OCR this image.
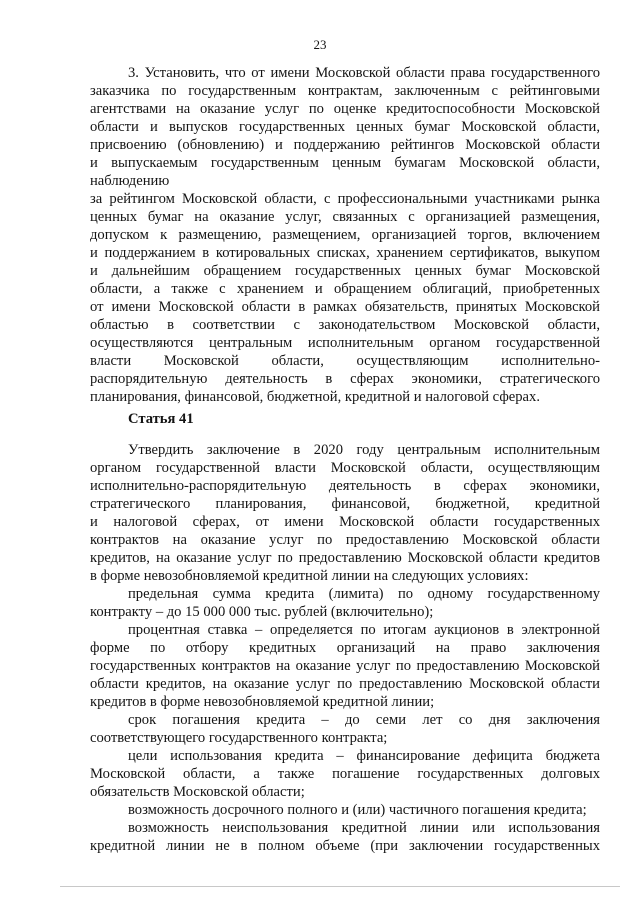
23
3. Установить, что от имени Московской области права государственного
заказчика по государственным контрактам, заключенным с рейтинговыми
агентствами на оказание услуг по оценке кредитоспособности Московской
области и выпусков государственных ценных бумаг Московской области,
присвоению (обновлению) и поддержанию рейтингов Московской области
и выпускаемым государственным ценным бумагам Московской области,
наблюдению
за рейтингом Московской области, с профессиональными участниками рынка
ценных бумаг на оказание услуг, связанных с организацией размещения,
допуском к размещению, размещением, организацией торгов, включением
и поддержанием в котировальных списках, хранением сертификатов, выкупом
и дальнейшим обращением государственных ценных бумаг Московской
области, а также с хранением и обращением облигаций, приобретенных
от имени Московской области в рамках обязательств, принятых Московской
областью в соответствии с законодательством Московской области,
осуществляются центральным исполнительным органом государственной
власти Московской области, осуществляющим исполнительно-
распорядительную деятельность в сферах экономики, стратегического
планирования, финансовой, бюджетной, кредитной и налоговой сферах.
Статья 41
Утвердить заключение в 2020 году центральным исполнительным
органом государственной власти Московской области, осуществляющим
исполнительно-распорядительную деятельность в сферах экономики,
стратегического планирования, финансовой, бюджетной, кредитной
и налоговой сферах, от имени Московской области государственных
контрактов на оказание услуг по предоставлению Московской области
кредитов, на оказание услуг по предоставлению Московской области кредитов
в форме невозобновляемой кредитной линии на следующих условиях:
предельная сумма кредита (лимита) по одному государственному
контракту – до 15 000 000 тыс. рублей (включительно);
процентная ставка – определяется по итогам аукционов в электронной
форме по отбору кредитных организаций на право заключения
государственных контрактов на оказание услуг по предоставлению Московской
области кредитов, на оказание услуг по предоставлению Московской области
кредитов в форме невозобновляемой кредитной линии;
срок погашения кредита – до семи лет со дня заключения
соответствующего государственного контракта;
цели использования кредита – финансирование дефицита бюджета
Московской области, а также погашение государственных долговых
обязательств Московской области;
возможность досрочного полного и (или) частичного погашения кредита;
возможность неиспользования кредитной линии или использования
кредитной линии не в полном объеме (при заключении государственных
